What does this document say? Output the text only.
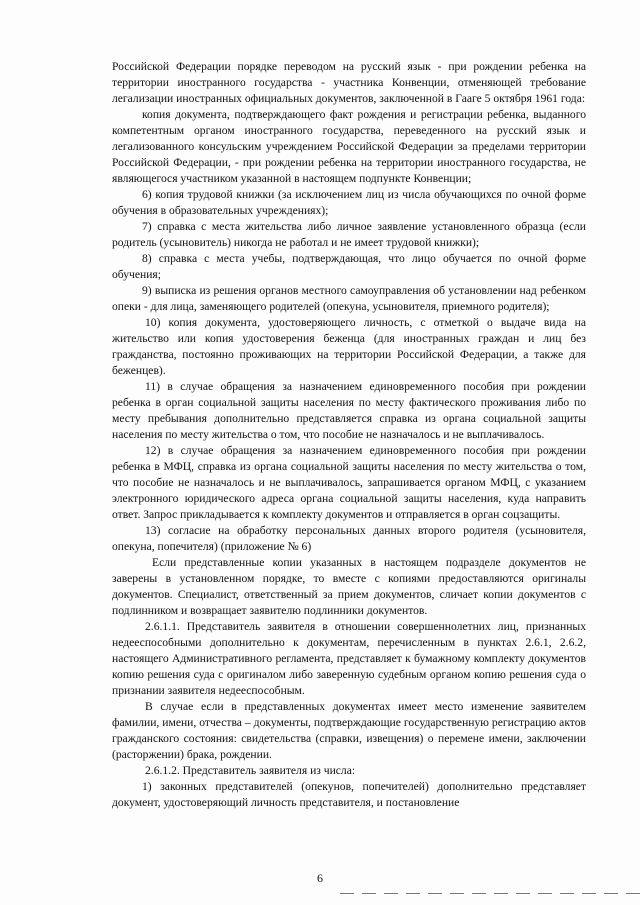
Российской Федерации порядке переводом на русский язык - при рождении ребенка на территории иностранного государства - участника Конвенции, отменяющей требование легализации иностранных официальных документов, заключенной в Гааге 5 октября 1961 года:

копия документа, подтверждающего факт рождения и регистрации ребенка, выданного компетентным органом иностранного государства, переведенного на русский язык и легализованного консульским учреждением Российской Федерации за пределами территории Российской Федерации, - при рождении ребенка на территории иностранного государства, не являющегося участником указанной в настоящем подпункте Конвенции;

6) копия трудовой книжки (за исключением лиц из числа обучающихся по очной форме обучения в образовательных учреждениях);

7) справка с места жительства либо личное заявление установленного образца (если родитель (усыновитель) никогда не работал и не имеет трудовой книжки);

8) справка с места учебы, подтверждающая, что лицо обучается по очной форме обучения;

9) выписка из решения органов местного самоуправления об установлении над ребенком опеки - для лица, заменяющего родителей (опекуна, усыновителя, приемного родителя);

10) копия документа, удостоверяющего личность, с отметкой о выдаче вида на жительство или копия удостоверения беженца (для иностранных граждан и лиц без гражданства, постоянно проживающих на территории Российской Федерации, а также для беженцев).

11) в случае обращения за назначением единовременного пособия при рождении ребенка в орган социальной защиты населения по месту фактического проживания либо по месту пребывания дополнительно представляется справка из органа социальной защиты населения по месту жительства о том, что пособие не назначалось и не выплачивалось.

12) в случае обращения за назначением единовременного пособия при рождении ребенка в МФЦ, справка из органа социальной защиты населения по месту жительства о том, что пособие не назначалось и не выплачивалось, запрашивается органом МФЦ, с указанием электронного юридического адреса органа социальной защиты населения, куда направить ответ. Запрос прикладывается к комплекту документов и отправляется в орган соцзащиты.

13) согласие на обработку персональных данных второго родителя (усыновителя, опекуна, попечителя) (приложение № 6)

Если представленные копии указанных в настоящем подразделе документов не заверены в установленном порядке, то вместе с копиями предоставляются оригиналы документов. Специалист, ответственный за прием документов, сличает копии документов с подлинником и возвращает заявителю подлинники документов.

2.6.1.1. Представитель заявителя в отношении совершеннолетних лиц, признанных недееспособными дополнительно к документам, перечисленным в пунктах 2.6.1, 2.6.2, настоящего Административного регламента, представляет к бумажному комплекту документов копию решения суда с оригиналом либо заверенную судебным органом копию решения суда о признании заявителя недееспособным.

В случае если в представленных документах имеет место изменение заявителем фамилии, имени, отчества – документы, подтверждающие государственную регистрацию актов гражданского состояния: свидетельства (справки, извещения) о перемене имени, заключении (расторжении) брака, рождении.

2.6.1.2. Представитель заявителя из числа:

1) законных представителей (опекунов, попечителей) дополнительно представляет документ, удостоверяющий личность представителя, и постановление

6
